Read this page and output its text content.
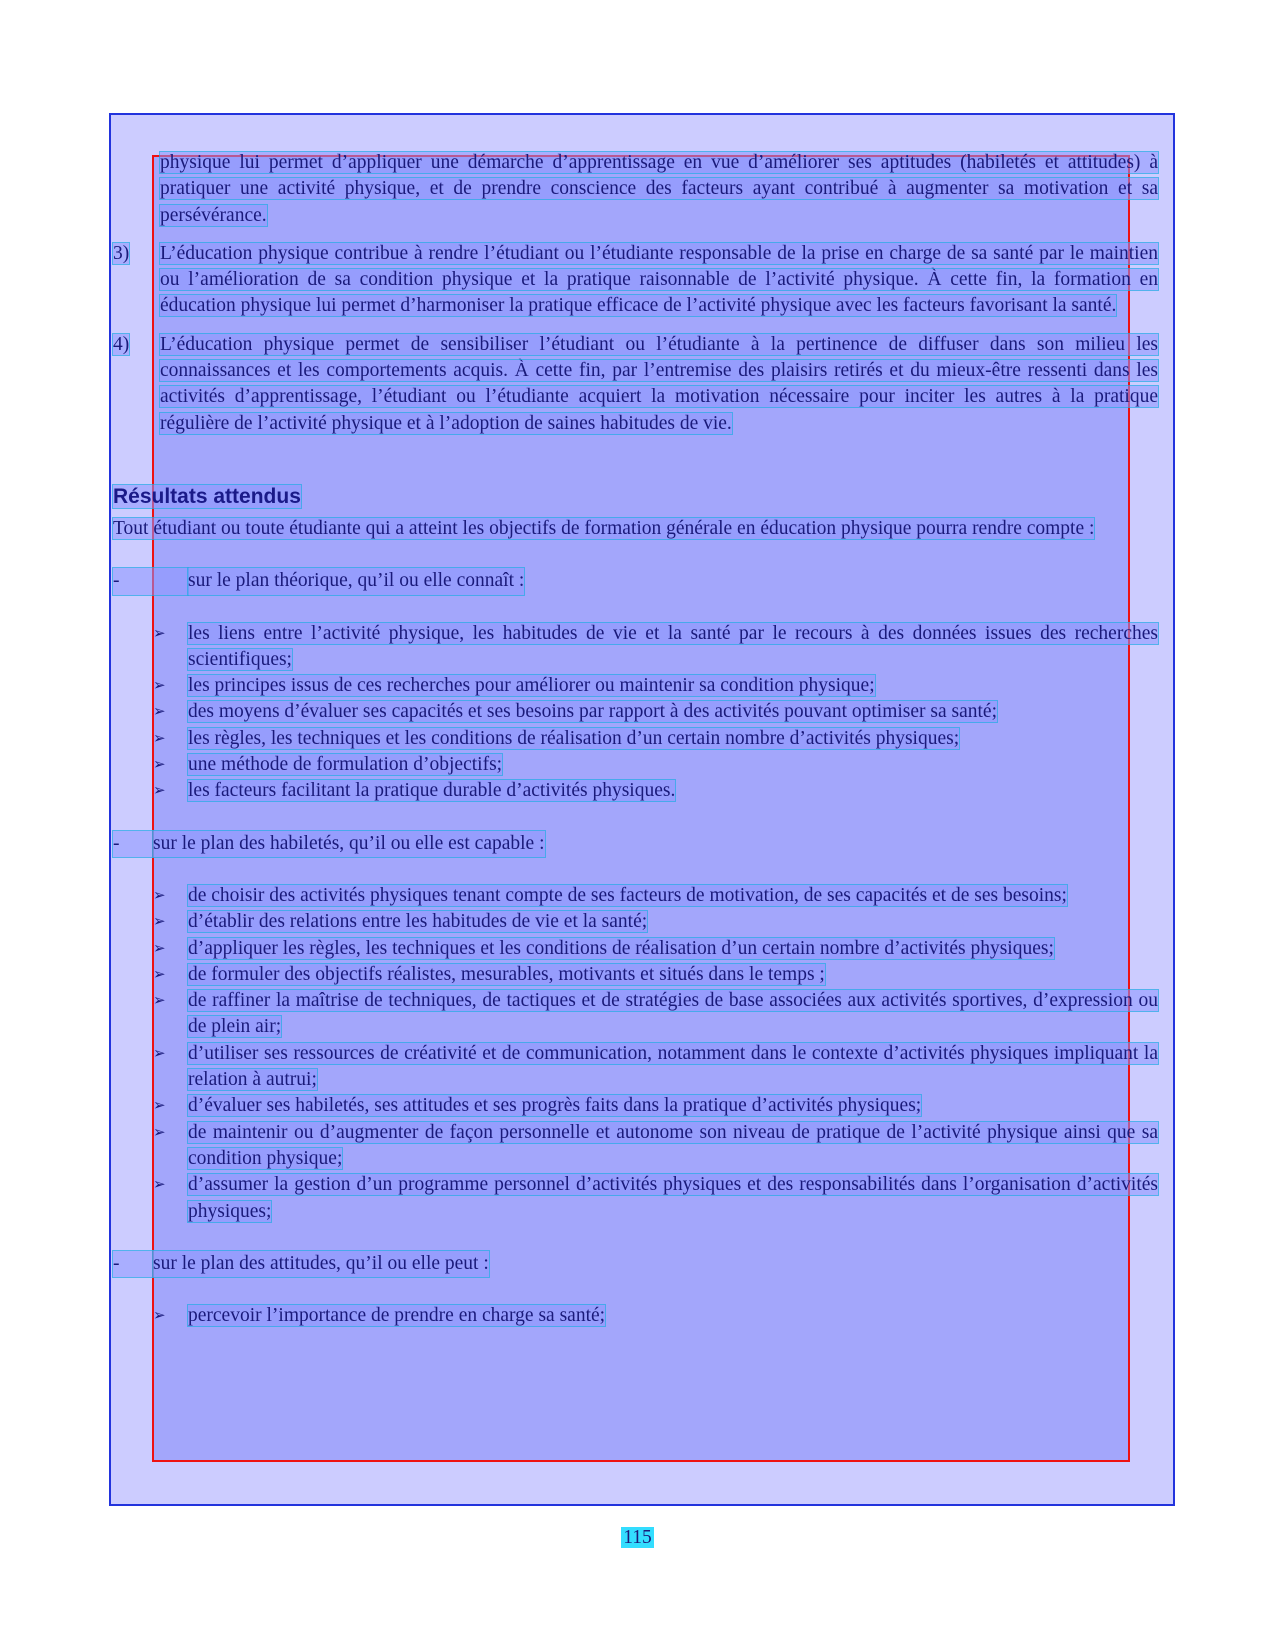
physique lui permet d’appliquer une démarche d’apprentissage en vue d’améliorer ses aptitudes (habiletés et attitudes) à pratiquer une activité physique, et de prendre conscience des facteurs ayant contribué à augmenter sa motivation et sa persévérance.
3)	L’éducation physique contribue à rendre l’étudiant ou l’étudiante responsable de la prise en charge de sa santé par le maintien ou l’amélioration de sa condition physique et la pratique raisonnable de l’activité physique. À cette fin, la formation en éducation physique lui permet d’harmoniser la pratique efficace de l’activité physique avec les facteurs favorisant la santé.
4)	L’éducation physique permet de sensibiliser l’étudiant ou l’étudiante à la pertinence de diffuser dans son milieu les connaissances et les comportements acquis. À cette fin, par l’entremise des plaisirs retirés et du mieux-être ressenti dans les activités d’apprentissage, l’étudiant ou l’étudiante acquiert la motivation nécessaire pour inciter les autres à la pratique régulière de l’activité physique et à l’adoption de saines habitudes de vie.
Résultats attendus
Tout étudiant ou toute étudiante qui a atteint les objectifs de formation générale en éducation physique pourra rendre compte :
-	sur le plan théorique, qu’il ou elle connaît :
➢	les liens entre l’activité physique, les habitudes de vie et la santé par le recours à des données issues des recherches scientifiques;
➢	les principes issus de ces recherches pour améliorer ou maintenir sa condition physique;
➢	des moyens d’évaluer ses capacités et ses besoins par rapport à des activités pouvant optimiser sa santé;
➢	les règles, les techniques et les conditions de réalisation d’un certain nombre d’activités physiques;
➢	une méthode de formulation d’objectifs;
➢	les facteurs facilitant la pratique durable d’activités physiques.
-	sur le plan des habiletés, qu’il ou elle est capable :
➢	de choisir des activités physiques tenant compte de ses facteurs de motivation, de ses capacités et de ses besoins;
➢	d’établir des relations entre les habitudes de vie et la santé;
➢	d’appliquer les règles, les techniques et les conditions de réalisation d’un certain nombre d’activités physiques;
➢	de formuler des objectifs réalistes, mesurables, motivants et situés dans le temps ;
➢	de raffiner la maîtrise de techniques, de tactiques et de stratégies de base associées aux activités sportives, d’expression ou de plein air;
➢	d’utiliser ses ressources de créativité et de communication, notamment dans le contexte d’activités physiques impliquant la relation à autrui;
➢	d’évaluer ses habiletés, ses attitudes et ses progrès faits dans la pratique d’activités physiques;
➢	de maintenir ou d’augmenter de façon personnelle et autonome son niveau de pratique de l’activité physique ainsi que sa condition physique;
➢	d’assumer la gestion d’un programme personnel d’activités physiques et des responsabilités dans l’organisation d’activités physiques;
-	sur le plan des attitudes, qu’il ou elle peut :
➢	percevoir l’importance de prendre en charge sa santé;
115
